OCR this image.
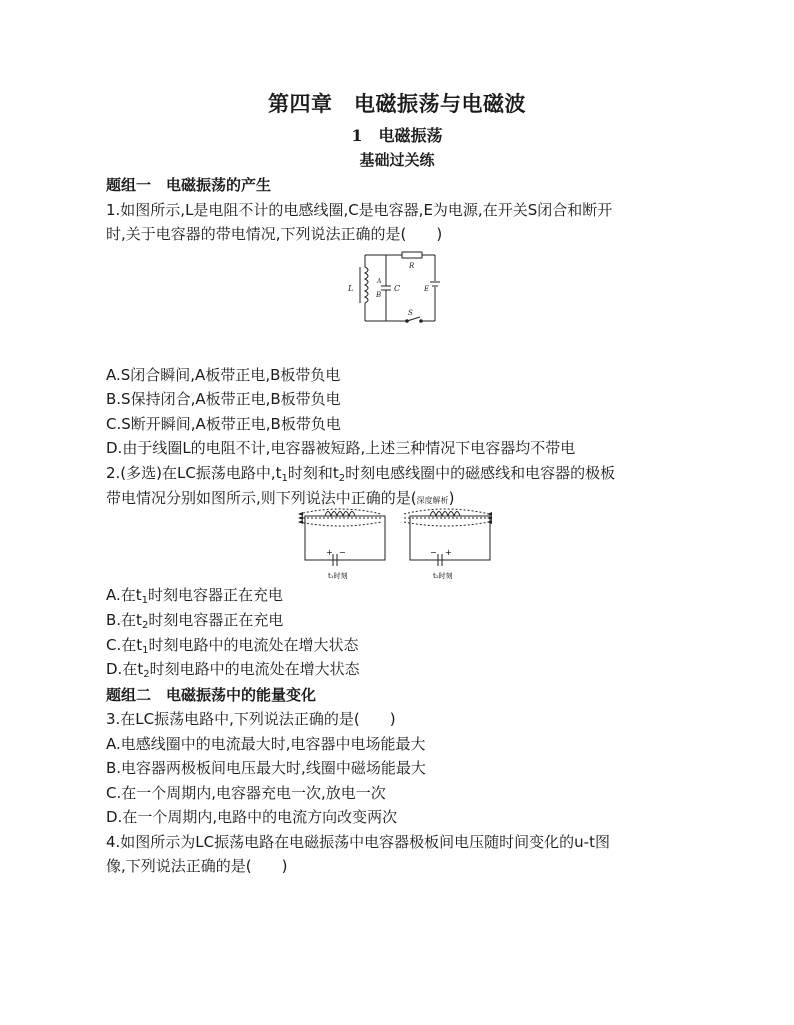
第四章　电磁振荡与电磁波
1　电磁振荡
基础过关练
题组一　电磁振荡的产生
1.如图所示,L是电阻不计的电感线圈,C是电容器,E为电源,在开关S闭合和断开
时,关于电容器的带电情况,下列说法正确的是(　　)
L
A
B
C
R
E
S
A.S闭合瞬间,A板带正电,B板带负电
B.S保持闭合,A板带正电,B板带负电
C.S断开瞬间,A板带正电,B板带负电
D.由于线圈L的电阻不计,电容器被短路,上述三种情况下电容器均不带电
2.(多选)在LC振荡电路中$,t_1$时刻和$t_2$时刻电感线圈中的磁感线和电容器的极板
带电情况分别如图所示,则下列说法中正确的是(深度解析)
+ −
t₁时刻
− +
t₂时刻
A.在$t_1$时刻电容器正在充电
B.在$t_2$时刻电容器正在充电
C.在$t_1$时刻电路中的电流处在增大状态
D.在$t_2$时刻电路中的电流处在增大状态
题组二　电磁振荡中的能量变化
3.在LC振荡电路中,下列说法正确的是(　　)
A.电感线圈中的电流最大时,电容器中电场能最大
B.电容器两极板间电压最大时,线圈中磁场能最大
C.在一个周期内,电容器充电一次,放电一次
D.在一个周期内,电路中的电流方向改变两次
4.如图所示为LC振荡电路在电磁振荡中电容器极板间电压随时间变化的u-t图
像,下列说法正确的是(　　)
